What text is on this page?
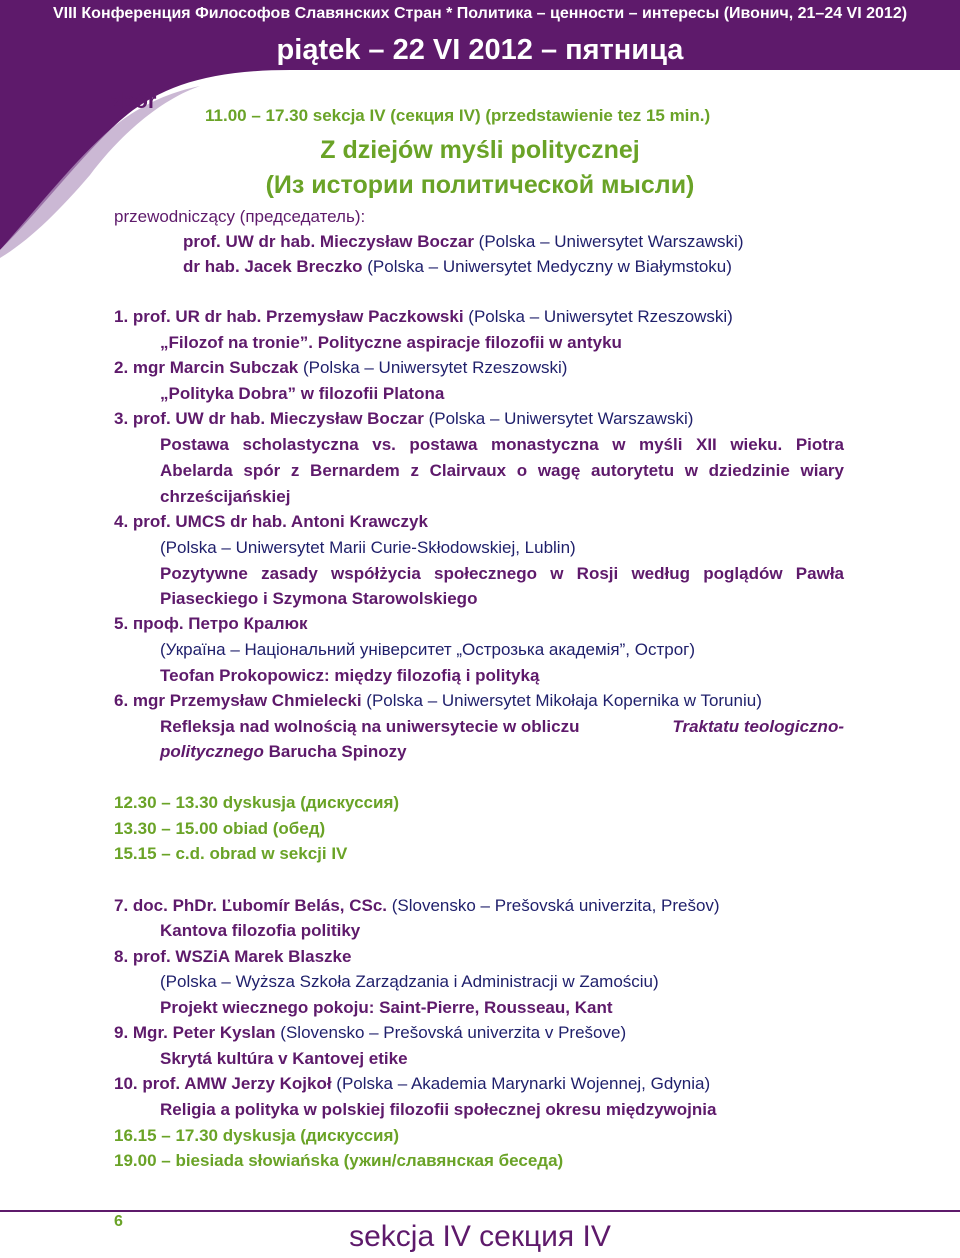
VIII Конференция Философов Славянских Стран * Политика – ценности – интересы (Ивонич, 21–24 VI 2012)
piątek – 22 VI 2012 – пятница
zbór
11.00 – 17.30 sekcja IV (секция IV) (przedstawienie tez 15 min.)
Z dziejów myśli politycznej
(Из истории политической мысли)
przewodniczący (председатель):
prof. UW dr hab. Mieczysław Boczar (Polska – Uniwersytet Warszawski)
dr hab. Jacek Breczko (Polska – Uniwersytet Medyczny w Białymstoku)
1. prof. UR dr hab. Przemysław Paczkowski (Polska – Uniwersytet Rzeszowski)
„Filozof na tronie”. Polityczne aspiracje filozofii w antyku
2. mgr Marcin Subczak (Polska – Uniwersytet Rzeszowski)
„Polityka Dobra” w filozofii Platona
3. prof. UW dr hab. Mieczysław Boczar (Polska – Uniwersytet Warszawski)
Postawa scholastyczna vs. postawa monastyczna w myśli XII wieku. Piotra
Abelarda spór z Bernardem z Clairvaux o wagę autorytetu w dziedzinie wiary
chrześcijańskiej
4. prof. UMCS dr hab. Antoni Krawczyk
(Polska – Uniwersytet Marii Curie-Skłodowskiej, Lublin)
Pozytywne zasady współżycia społecznego w Rosji według poglądów Pawła
Piaseckiego i Szymona Starowolskiego
5. проф. Петро Кралюк
(Україна – Національний університет „Острозька академія”, Острог)
Teofan Prokopowicz: między filozofią i polityką
6. mgr Przemysław Chmielecki (Polska – Uniwersytet Mikołaja Kopernika w Toruniu)
Refleksja nad wolnością na uniwersytecie w obliczu	Traktatu teologiczno-
politycznego Barucha Spinozy
12.30 – 13.30 dyskusja (дискуссия)
13.30 – 15.00 obiad (обед)
15.15 – c.d. obrad w sekcji IV
7. doc. PhDr. Ľubomír Belás, CSc. (Slovensko – Prešovská univerzita, Prešov)
Kantova filozofia politiky
8. prof. WSZiA Marek Blaszke
(Polska – Wyższa Szkoła Zarządzania i Administracji w Zamościu)
Projekt wiecznego pokoju: Saint-Pierre, Rousseau, Kant
9. Mgr. Peter Kyslan (Slovensko – Prešovská univerzita v Prešove)
Skrytá kultúra v Kantovej etike
10. prof. AMW Jerzy Kojkoł (Polska – Akademia Marynarki Wojennej, Gdynia)
Religia a polityka w polskiej filozofii społecznej okresu międzywojnia
16.15 – 17.30 dyskusja (дискуссия)
19.00 – biesiada słowiańska (ужин/славянская беседа)
6	sekcja IV секция IV
